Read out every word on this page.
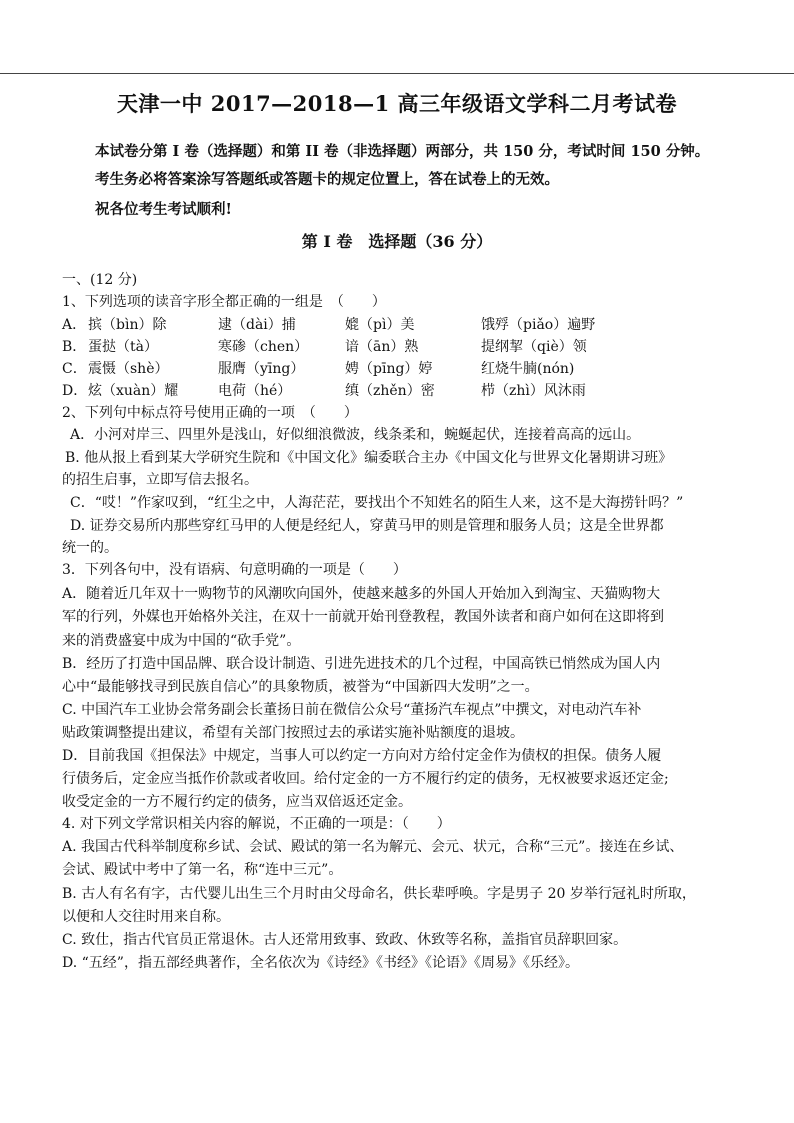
天津一中 2017—2018—1 高三年级语文学科二月考试卷
本试卷分第 I 卷（选择题）和第 II 卷（非选择题）两部分，共 150 分，考试时间 150 分钟。
考生务必将答案涂写答题纸或答题卡的规定位置上，答在试卷上的无效。
祝各位考生考试顺利!
第 I 卷　选择题（36 分）
一、(12 分)
1、下列选项的读音字形全都正确的一组是　（　　）
A． 摈（bìn）除	逮（dài）捕	媲（pì）美	饿殍（piǎo）遍野
B． 蛋挞（tà）	寒碜（chen）	谙（ān）熟	提纲挈（qiè）领
C． 震慑（shè）	服膺（yīng）	娉（pīng）婷	红烧牛腩(nón)
D． 炫（xuàn）耀	电荷（hé）	缜（zhěn）密	栉（zhì）风沐雨
2、下列句中标点符号使用正确的一项　（　　）
A．小河对岸三、四里外是浅山，好似细浪微波，线条柔和，蜿蜒起伏，连接着高高的远山。
B. 他从报上看到某大学研究生院和《中国文化》编委联合主办《中国文化与世界文化暑期讲习班》
的招生启事，立即写信去报名。
C．“哎！”作家叹到，“红尘之中，人海茫茫，要找出个不知姓名的陌生人来，这不是大海捞针吗？”
D. 证券交易所内那些穿红马甲的人便是经纪人，穿黄马甲的则是管理和服务人员；这是全世界都
统一的。
3．下列各句中，没有语病、句意明确的一项是（　　）
A．随着近几年双十一购物节的风潮吹向国外，使越来越多的外国人开始加入到淘宝、天猫购物大
军的行列，外媒也开始格外关注，在双十一前就开始刊登教程，教国外读者和商户如何在这即将到
来的消费盛宴中成为中国的“砍手党”。
B．经历了打造中国品牌、联合设计制造、引进先进技术的几个过程，中国高铁已悄然成为国人内
心中“最能够找寻到民族自信心”的具象物质，被誉为“中国新四大发明”之一。
C. 中国汽车工业协会常务副会长董扬日前在微信公众号“董扬汽车视点”中撰文，对电动汽车补
贴政策调整提出建议，希望有关部门按照过去的承诺实施补贴额度的退坡。
D．目前我国《担保法》中规定，当事人可以约定一方向对方给付定金作为债权的担保。债务人履
行债务后，定金应当抵作价款或者收回。给付定金的一方不履行约定的债务，无权被要求返还定金;
收受定金的一方不履行约定的债务，应当双倍返还定金。
4. 对下列文学常识相关内容的解说，不正确的一项是：（　　）
A. 我国古代科举制度称乡试、会试、殿试的第一名为解元、会元、状元，合称“三元”。接连在乡试、
会试、殿试中考中了第一名，称“连中三元”。
B. 古人有名有字，古代婴儿出生三个月时由父母命名，供长辈呼唤。字是男子 20 岁举行冠礼时所取，
以便和人交往时用来自称。
C. 致仕，指古代官员正常退休。古人还常用致事、致政、休致等名称，盖指官员辞职回家。
D. “五经”，指五部经典著作，全名依次为《诗经》《书经》《论语》《周易》《乐经》。
